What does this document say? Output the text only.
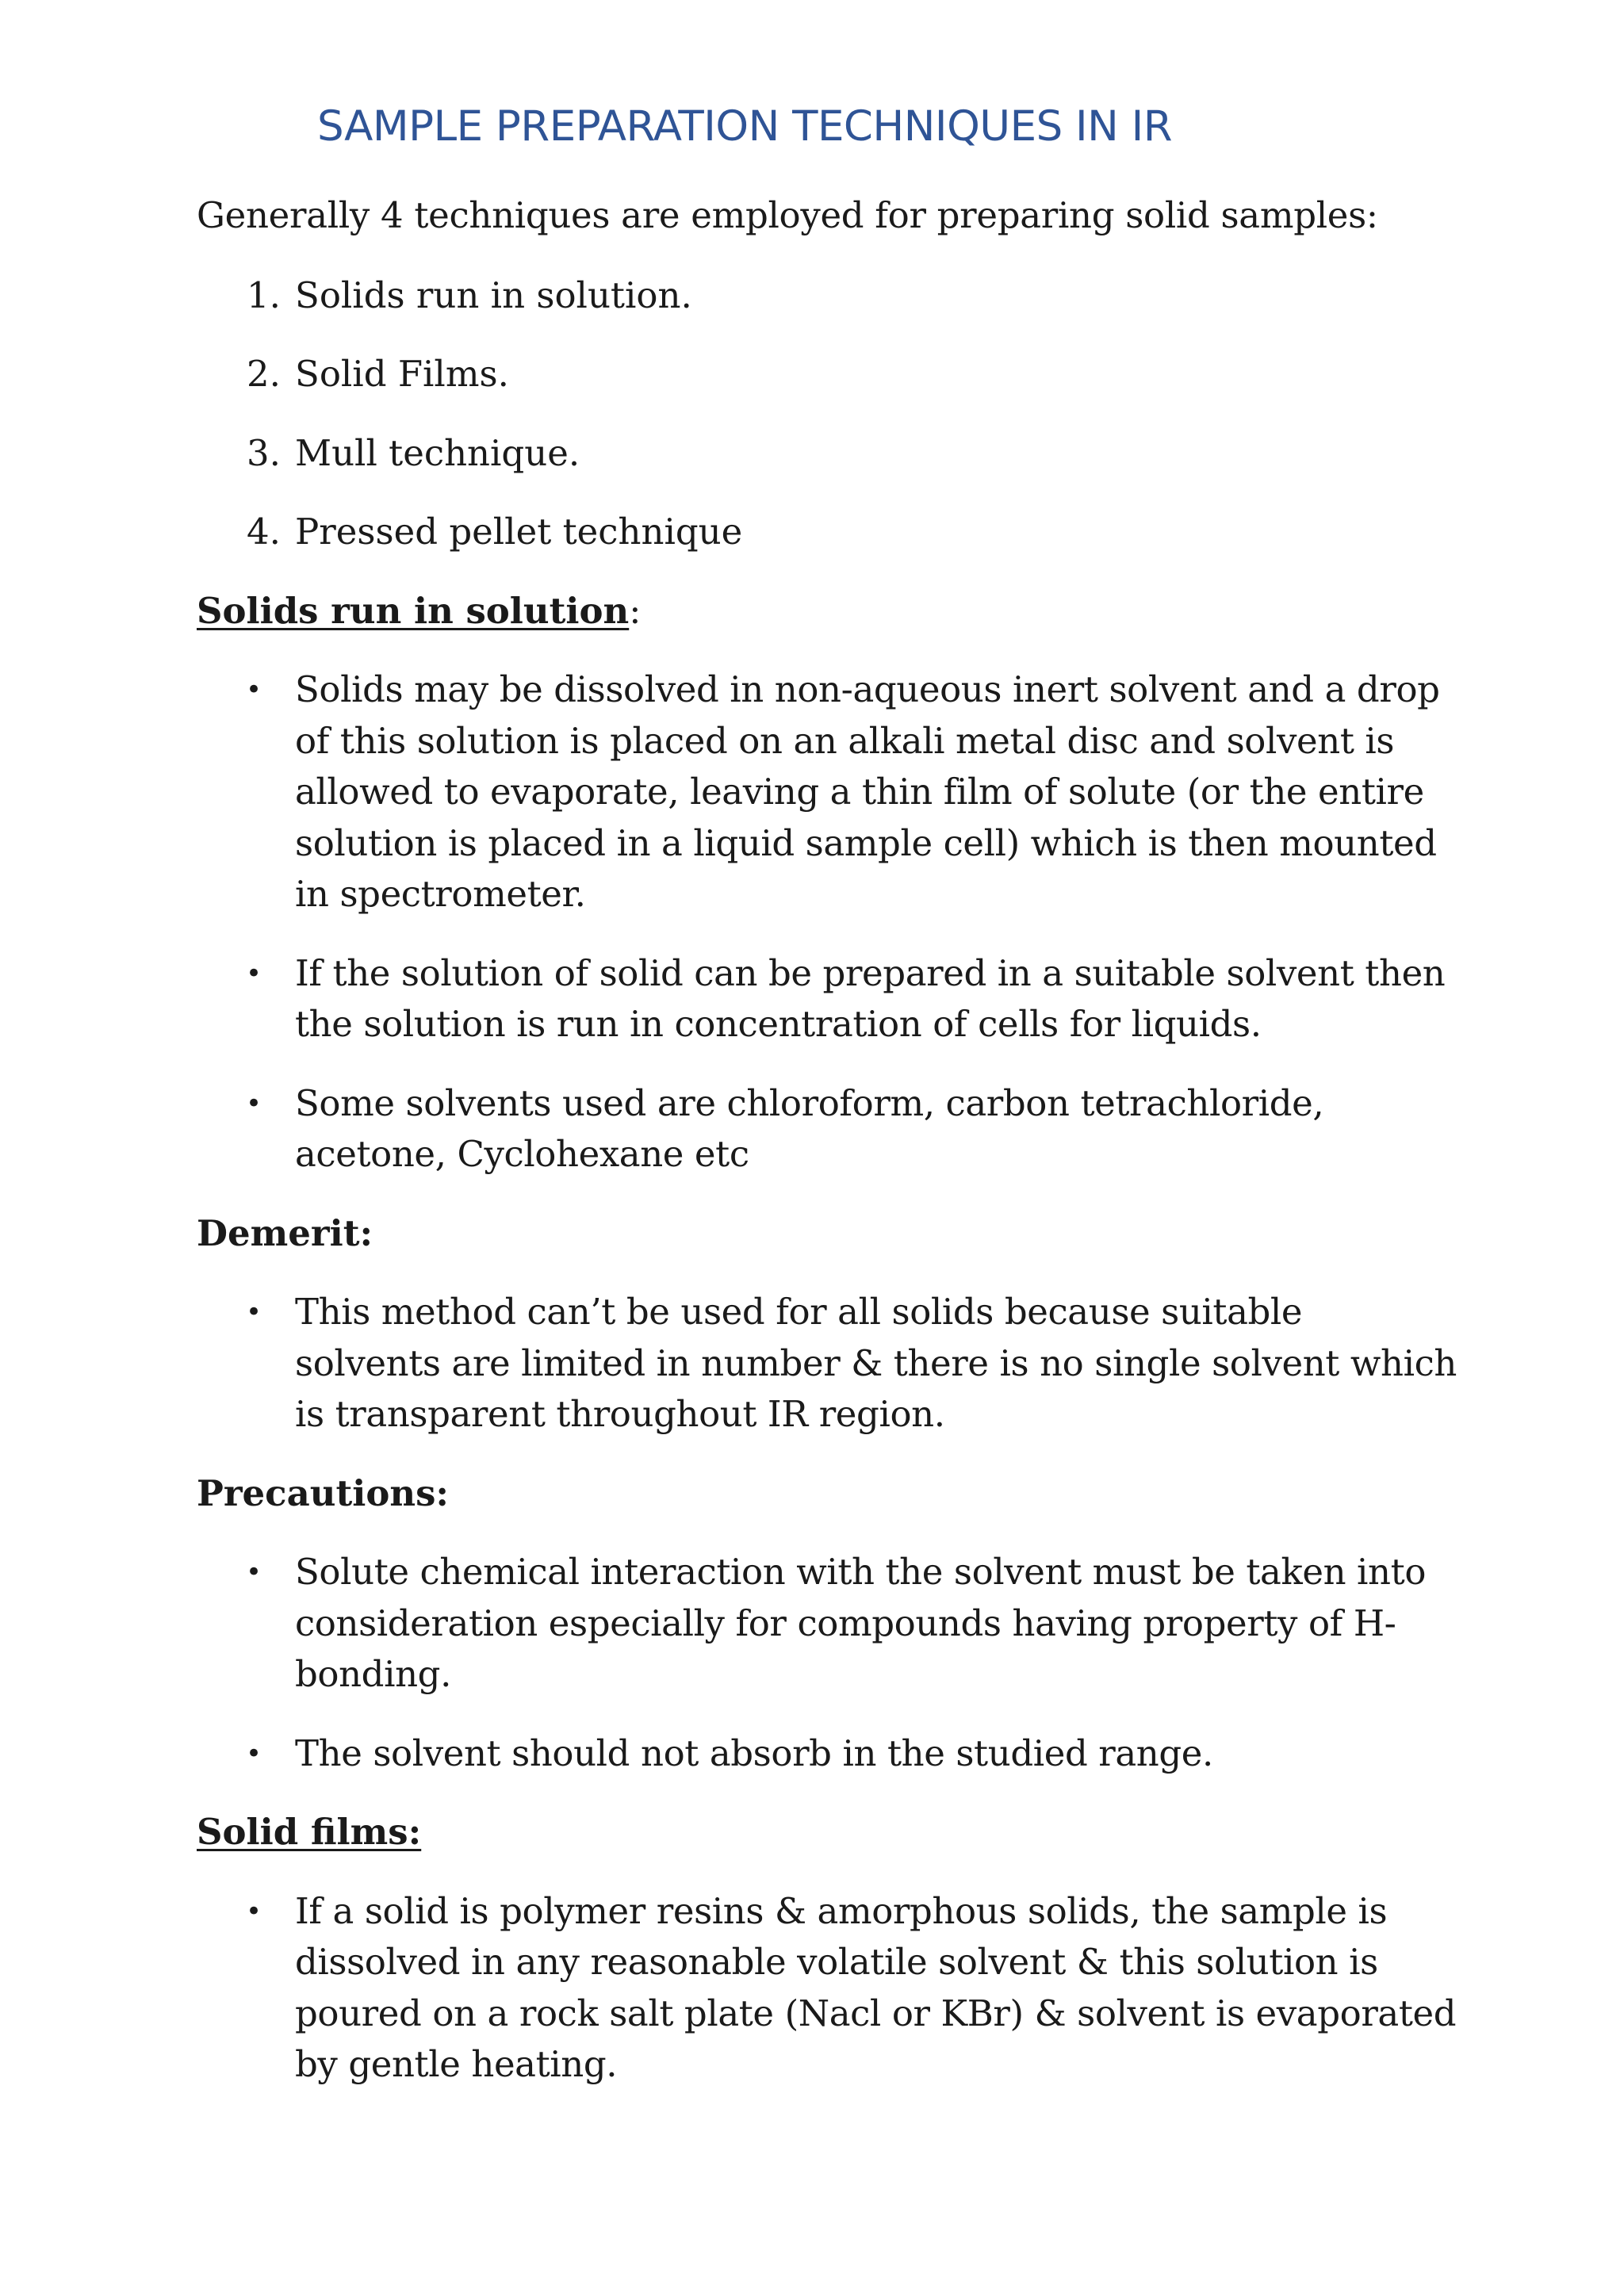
SAMPLE PREPARATION TECHNIQUES IN IR

Generally 4 techniques are employed for preparing solid samples:

1. Solids run in solution.
2. Solid Films.
3. Mull technique.
4. Pressed pellet technique

Solids run in solution:

• Solids may be dissolved in non-aqueous inert solvent and a drop of this solution is placed on an alkali metal disc and solvent is allowed to evaporate, leaving a thin film of solute (or the entire solution is placed in a liquid sample cell) which is then mounted in spectrometer.
• If the solution of solid can be prepared in a suitable solvent then the solution is run in concentration of cells for liquids.
• Some solvents used are chloroform, carbon tetrachloride, acetone, Cyclohexane etc

Demerit:

• This method can’t be used for all solids because suitable solvents are limited in number & there is no single solvent which is transparent throughout IR region.

Precautions:

• Solute chemical interaction with the solvent must be taken into consideration especially for compounds having property of H-bonding.
• The solvent should not absorb in the studied range.

Solid films:

• If a solid is polymer resins & amorphous solids, the sample is dissolved in any reasonable volatile solvent & this solution is poured on a rock salt plate (Nacl or KBr) & solvent is evaporated by gentle heating.
